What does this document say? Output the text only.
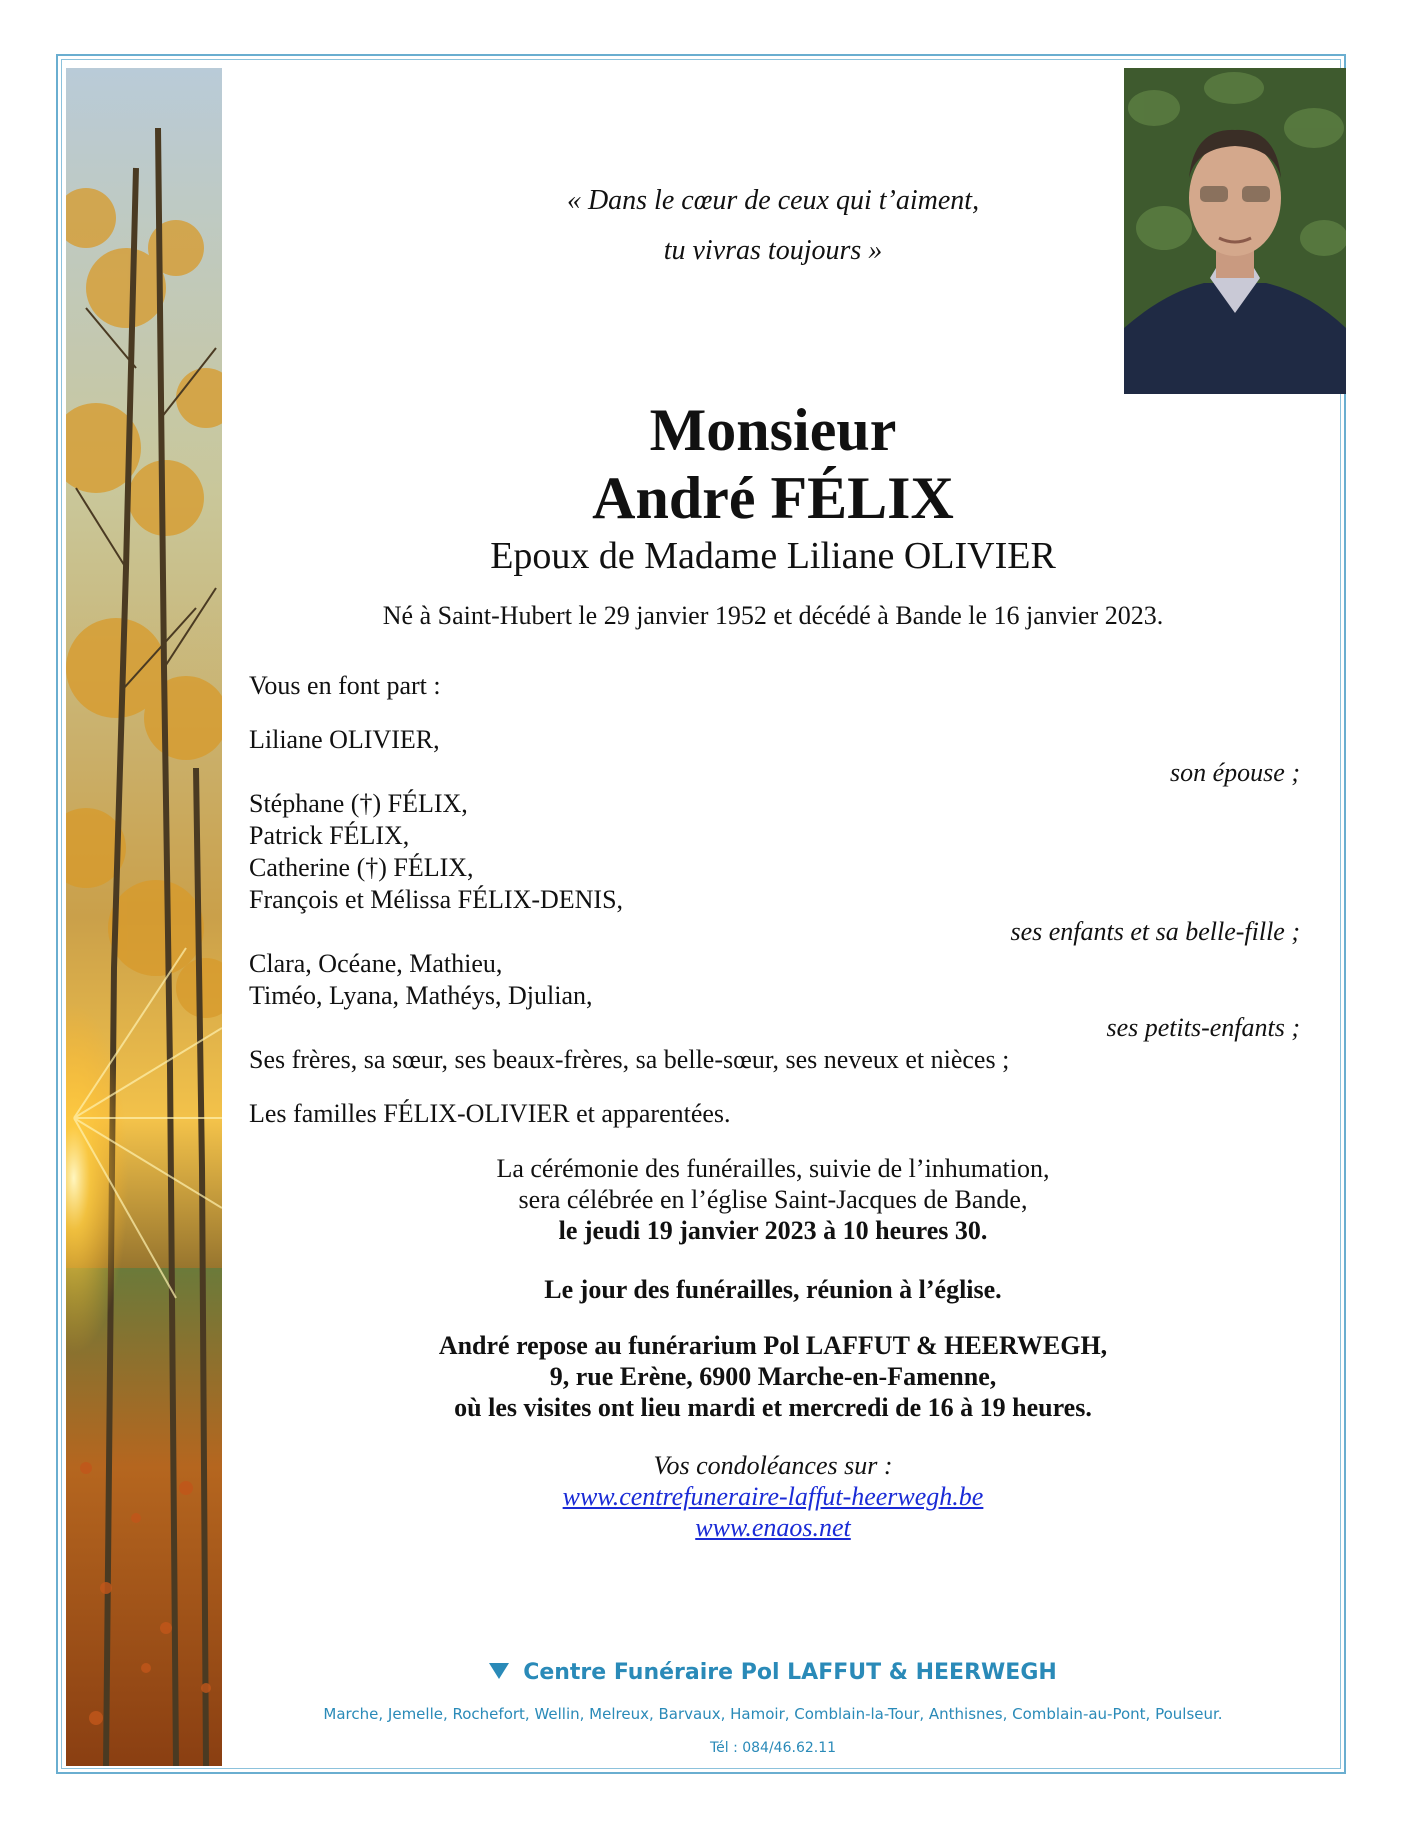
« Dans le cœur de ceux qui t’aiment,
tu vivras toujours »
Monsieur
André FÉLIX
Epoux de Madame Liliane OLIVIER
Né à Saint-Hubert le 29 janvier 1952 et décédé à Bande le 16 janvier 2023.
Vous en font part :
Liliane OLIVIER,
son épouse ;
Stéphane (†) FÉLIX,
Patrick FÉLIX,
Catherine (†) FÉLIX,
François et Mélissa FÉLIX-DENIS,
ses enfants et sa belle-fille ;
Clara, Océane, Mathieu,
Timéo, Lyana, Mathéys, Djulian,
ses petits-enfants ;
Ses frères, sa sœur, ses beaux-frères, sa belle-sœur, ses neveux et nièces ;
Les familles FÉLIX-OLIVIER et apparentées.
La cérémonie des funérailles, suivie de l’inhumation,
sera célébrée en l’église Saint-Jacques de Bande,
le jeudi 19 janvier 2023 à 10 heures 30.
Le jour des funérailles, réunion à l’église.
André repose au funérarium Pol LAFFUT & HEERWEGH,
9, rue Erène, 6900 Marche-en-Famenne,
où les visites ont lieu mardi et mercredi de 16 à 19 heures.
Vos condoléances sur :
www.centrefuneraire-laffut-heerwegh.be
www.enaos.net
Centre Funéraire Pol LAFFUT & HEERWEGH
Marche, Jemelle, Rochefort, Wellin, Melreux, Barvaux, Hamoir, Comblain-la-Tour, Anthisnes, Comblain-au-Pont, Poulseur.
Tél : 084/46.62.11
